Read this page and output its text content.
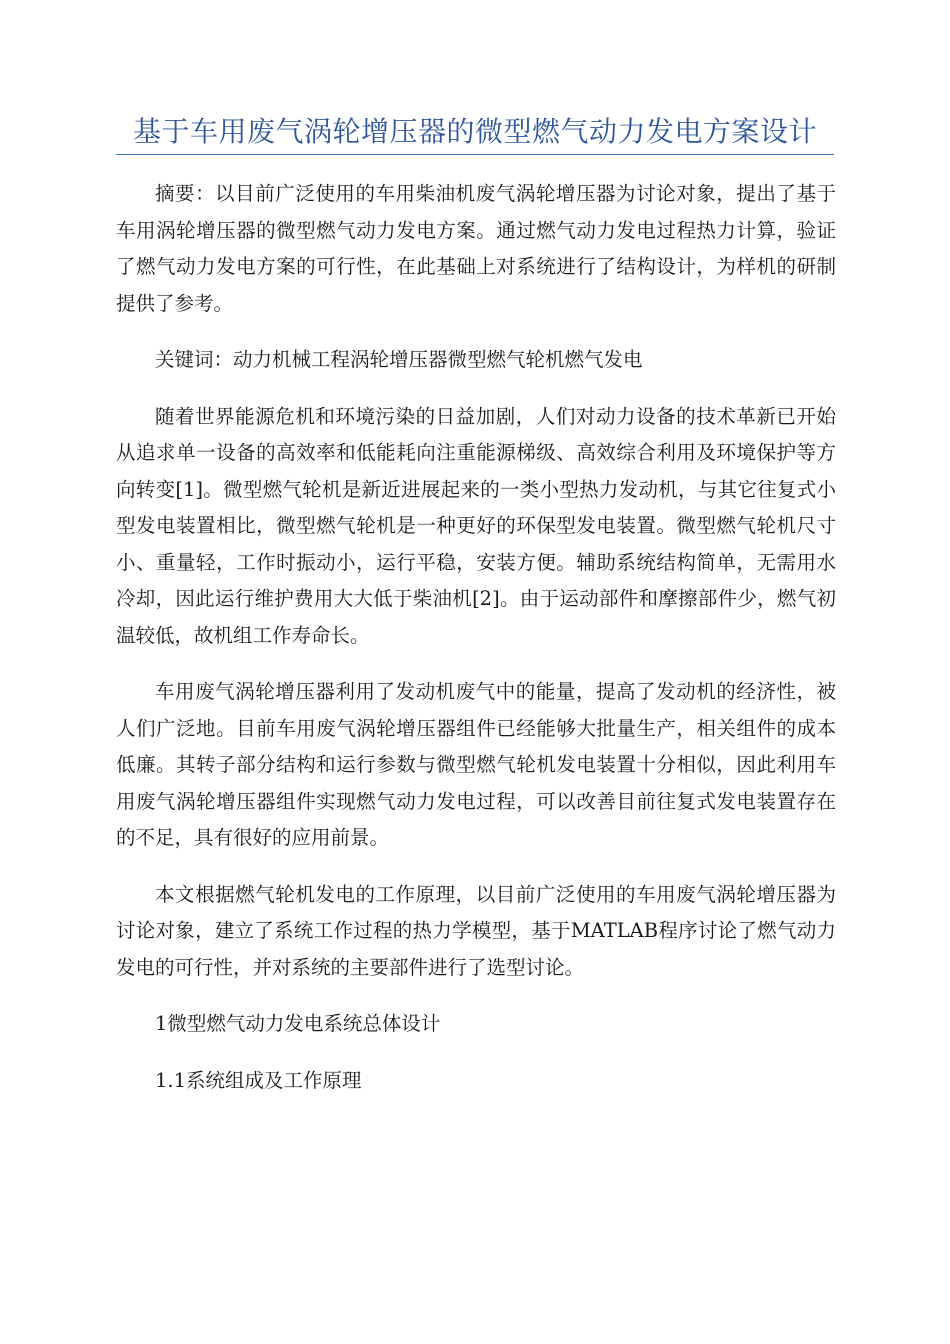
基于车用废气涡轮增压器的微型燃气动力发电方案设计

摘要：以目前广泛使用的车用柴油机废气涡轮增压器为讨论对象，提出了基于车用涡轮增压器的微型燃气动力发电方案。通过燃气动力发电过程热力计算，验证了燃气动力发电方案的可行性，在此基础上对系统进行了结构设计，为样机的研制提供了参考。

关键词：动力机械工程涡轮增压器微型燃气轮机燃气发电

随着世界能源危机和环境污染的日益加剧，人们对动力设备的技术革新已开始从追求单一设备的高效率和低能耗向注重能源梯级、高效综合利用及环境保护等方向转变[1]。微型燃气轮机是新近进展起来的一类小型热力发动机，与其它往复式小型发电装置相比，微型燃气轮机是一种更好的环保型发电装置。微型燃气轮机尺寸小、重量轻，工作时振动小，运行平稳，安装方便。辅助系统结构简单，无需用水冷却，因此运行维护费用大大低于柴油机[2]。由于运动部件和摩擦部件少，燃气初温较低，故机组工作寿命长。

车用废气涡轮增压器利用了发动机废气中的能量，提高了发动机的经济性，被人们广泛地。目前车用废气涡轮增压器组件已经能够大批量生产，相关组件的成本低廉。其转子部分结构和运行参数与微型燃气轮机发电装置十分相似，因此利用车用废气涡轮增压器组件实现燃气动力发电过程，可以改善目前往复式发电装置存在的不足，具有很好的应用前景。

本文根据燃气轮机发电的工作原理，以目前广泛使用的车用废气涡轮增压器为讨论对象，建立了系统工作过程的热力学模型，基于MATLAB程序讨论了燃气动力发电的可行性，并对系统的主要部件进行了选型讨论。

1微型燃气动力发电系统总体设计

1.1系统组成及工作原理
